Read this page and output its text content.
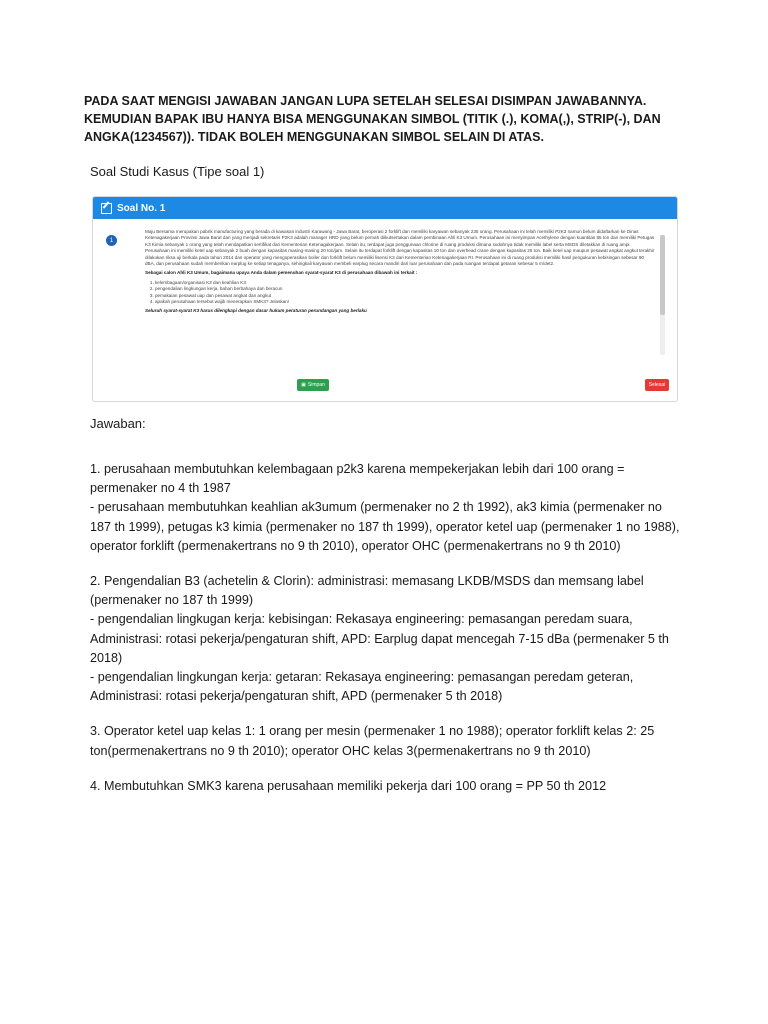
PADA SAAT MENGISI JAWABAN JANGAN LUPA SETELAH SELESAI DISIMPAN JAWABANNYA. KEMUDIAN BAPAK IBU HANYA BISA MENGGUNAKAN SIMBOL (TITIK (.), KOMA(,), STRIP(-), DAN ANGKA(1234567)). TIDAK BOLEH MENGGUNAKAN SIMBOL SELAIN DI ATAS.
Soal Studi Kasus (Tipe soal 1)
Soal No. 1
1

Maju Bersama merupakan pabrik manufacturing yang berada di kawasan industri Karawang - Jawa Barat, beroperasi 2 forklift dan memiliki karyawan sebanyak 235 orang. Perusahaan ini telah memiliki P2K3 namun belum didaftarkan ke Dinas Ketenagakerjaan Provinsi Jawa Barat dan yang menjadi sekretaris P2K3 adalah manager HRD yang belum pernah diikutsertakan dalam pembinaan Ahli K3 Umum. Perusahaan ini menyimpan Acethylene dengan kuantitas 85 ton dan memiliki Petugas K3 Kimia sebanyak 1 orang yang telah mendapatkan sertifikat dari Kementerian Ketenagakerjaan. Selain itu, terdapat juga penggunaan chlorine di ruang produksi dimana sudahnya tidak memiliki label serta MSDS diletakkan di ruang ampi. Perusahaan ini memiliki ketel uap sebanyak 2 buah dengan kapasitas masing-masing 20 ton/jam. Selain itu terdapat forklift dengan kapasitas 10 ton dan overhead crane dengan kapasitas 25 ton. Baik ketel uap maupun pesawat angkat angkut terakhir dilakukan riksa uji berkala pada tahun 2014 dan operator yang mengoperasikan boiler dan forklift belum memiliki lisensi K3 dari Kementerian Ketenagakerjaan RI. Perusahaan ini di ruang produksi memiliki hasil pengukuran kebisingan sebesar 90 dBA, dan perusahaan sudah memberikan earplug ke setiap tenaganya, sehingkali karyawan membeli earplug secara mandiri dari luar perusahaan dan pada ruangan terdapat getaran sebesar 5 m/det2.

Sebagai calon Ahli K3 Umum, bagaimana upaya Anda dalam pemenuhan syarat-syarat K3 di perusahaan dibawah ini terkait :

1. kelembagaan/organisasi K3 dan keahlian K3
2. pengendalian lingkungan kerja, bahan berbahaya dan beracun
3. pemakaian pesawat uap dan pesawat angkat dan angkut
4. apakah perusahaan tersebut wajib menerapkan SMK3? Jelaskan!

Seluruh syarat-syarat K3 harus dilengkapi dengan dasar hukum peraturan perundangan yang berlaku

▣ Simpan	Selesai
Jawaban:
1. perusahaan membutuhkan kelembagaan p2k3 karena mempekerjakan lebih dari 100 orang = permenaker no 4 th 1987
- perusahaan membutuhkan keahlian ak3umum (permenaker no 2 th 1992), ak3 kimia (permenaker no 187 th 1999), petugas k3 kimia (permenaker no 187 th 1999), operator ketel uap (permenaker 1 no 1988), operator forklift (permenakertrans no 9 th 2010), operator OHC (permenakertrans no 9 th 2010)
2. Pengendalian B3 (achetelin & Clorin): administrasi: memasang LKDB/MSDS dan memsang label (permenaker no 187 th 1999)
- pengendalian lingkugan kerja: kebisingan: Rekasaya engineering: pemasangan peredam suara, Administrasi: rotasi pekerja/pengaturan shift, APD: Earplug dapat mencegah 7-15 dBa (permenaker 5 th 2018)
- pengendalian lingkungan kerja: getaran: Rekasaya engineering: pemasangan peredam geteran, Administrasi: rotasi pekerja/pengaturan shift, APD (permenaker 5 th 2018)
3. Operator ketel uap kelas 1: 1 orang per mesin (permenaker 1 no 1988); operator forklift kelas 2: 25 ton(permenakertrans no 9 th 2010); operator OHC kelas 3(permenakertrans no 9 th 2010)
4. Membutuhkan SMK3 karena perusahaan memiliki pekerja dari 100 orang = PP 50 th 2012
